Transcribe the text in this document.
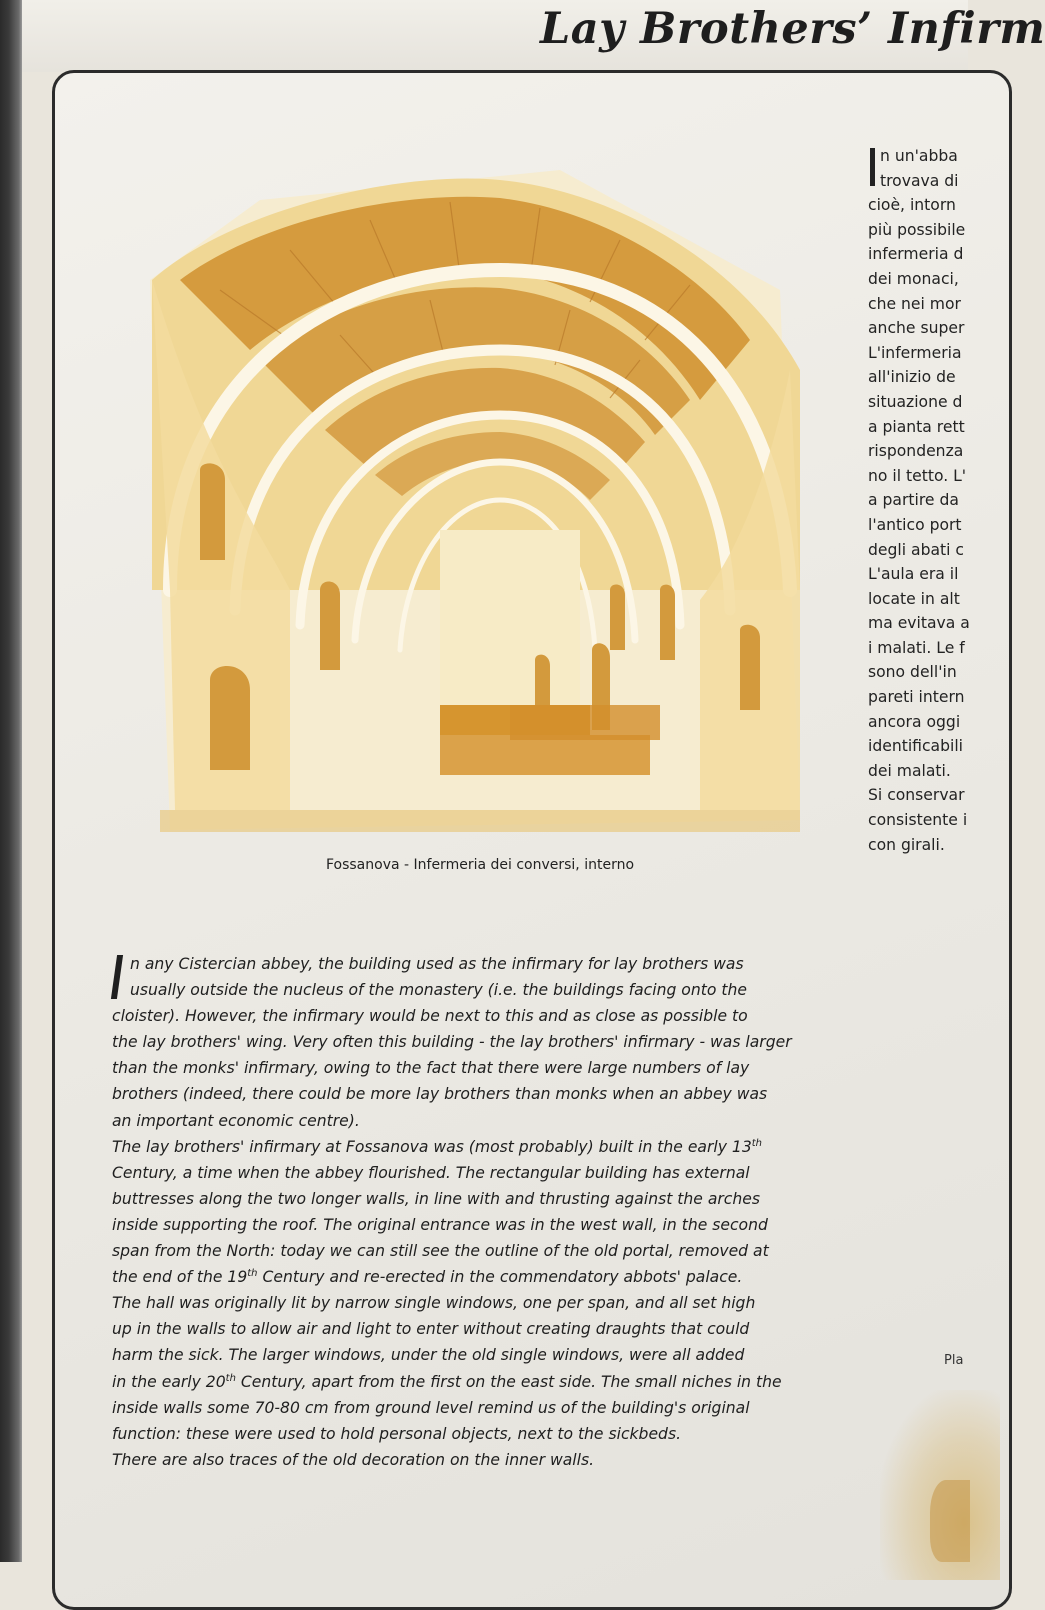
Lay Brothers’ Infirm
Fossanova - Infermeria dei conversi, interno
n un'abba
trovava di
cioè, intorn
più possibile
infermeria d
dei monaci,
che nei mor
anche super
L'infermeria
all'inizio de
situazione d
a pianta rett
rispondenza
no il tetto. L'
a partire da
l'antico port
degli abati c
L'aula era il
locate in alt
ma evitava a
i malati. Le f
sono dell'in
pareti intern
ancora oggi
identificabili
dei malati.
Si conservar
consistente i
con girali.
n any Cistercian abbey, the building used as the infirmary for lay brothers was
usually outside the nucleus of the monastery (i.e. the buildings facing onto the
cloister). However, the infirmary would be next to this and as close as possible to
the lay brothers' wing. Very often this building - the lay brothers' infirmary - was larger
than the monks' infirmary, owing to the fact that there were large numbers of lay
brothers (indeed, there could be more lay brothers than monks when an abbey was
an important economic centre).
The lay brothers' infirmary at Fossanova was (most probably) built in the early 13th
Century, a time when the abbey flourished. The rectangular building has external
buttresses along the two longer walls, in line with and thrusting against the arches
inside supporting the roof. The original entrance was in the west wall, in the second
span from the North: today we can still see the outline of the old portal, removed at
the end of the 19th Century and re-erected in the commendatory abbots' palace.
The hall was originally lit by narrow single windows, one per span, and all set high
up in the walls to allow air and light to enter without creating draughts that could
harm the sick. The larger windows, under the old single windows, were all added
in the early 20th Century, apart from the first on the east side. The small niches in the
inside walls some 70-80 cm from ground level remind us of the building's original
function: these were used to hold personal objects, next to the sickbeds.
There are also traces of the old decoration on the inner walls.
Pla
